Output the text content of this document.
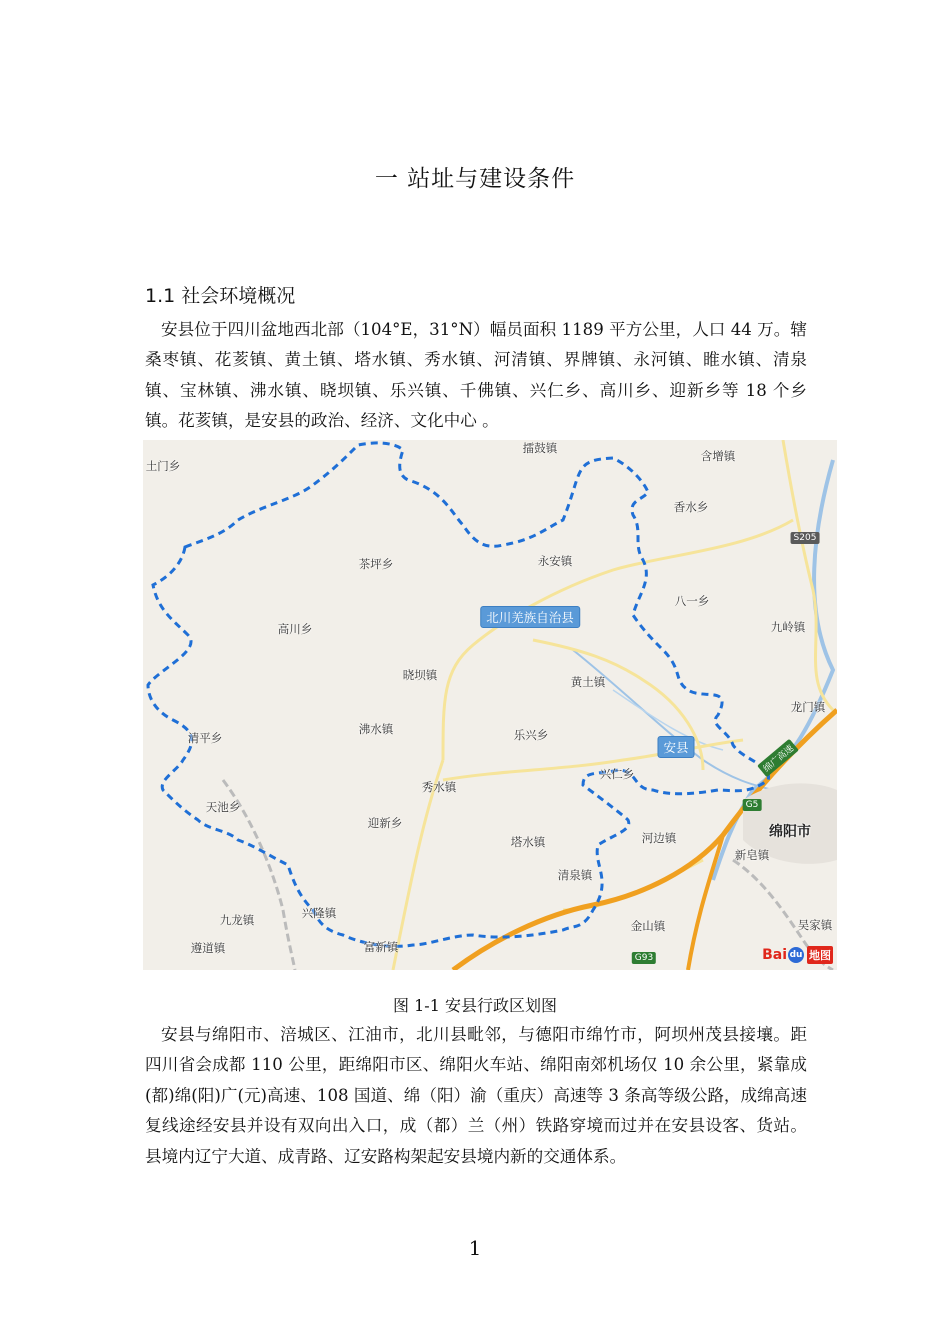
一 站址与建设条件
1.1 社会环境概况

安县位于四川盆地西北部（104°E，31°N）幅员面积 1189 平方公里，人口 44 万。辖桑枣镇、花荄镇、黄土镇、塔水镇、秀水镇、河清镇、界牌镇、永河镇、睢水镇、清泉镇、宝林镇、沸水镇、晓坝镇、乐兴镇、千佛镇、兴仁乡、高川乡、迎新乡等 18 个乡镇。花荄镇，是安县的政治、经济、文化中心 。

土门乡
擂鼓镇
含增镇
香水乡
茶坪乡	永安镇
八一乡
九岭镇
高川乡
晓坝镇	黄土镇
龙门镇
清平乡
沸水镇	乐兴乡
兴仁乡
天池乡
秀水镇
迎新乡
河边镇
塔水镇
新皂镇
清泉镇
九龙镇	兴隆镇
金山镇	吴家镇
遵道镇	富新镇
北川羌族自治县
安县
绵阳市
S205
G5
G93
绵广高速
Bai du 地图
图 1-1 安县行政区划图

安县与绵阳市、涪城区、江油市，北川县毗邻，与德阳市绵竹市，阿坝州茂县接壤。距四川省会成都 110 公里，距绵阳市区、绵阳火车站、绵阳南郊机场仅 10 余公里，紧靠成(都)绵(阳)广(元)高速、108 国道、绵（阳）渝（重庆）高速等 3 条高等级公路，成绵高速复线途经安县并设有双向出入口，成（都）兰（州）铁路穿境而过并在安县设客、货站。县境内辽宁大道、成青路、辽安路构架起安县境内新的交通体系。

1
